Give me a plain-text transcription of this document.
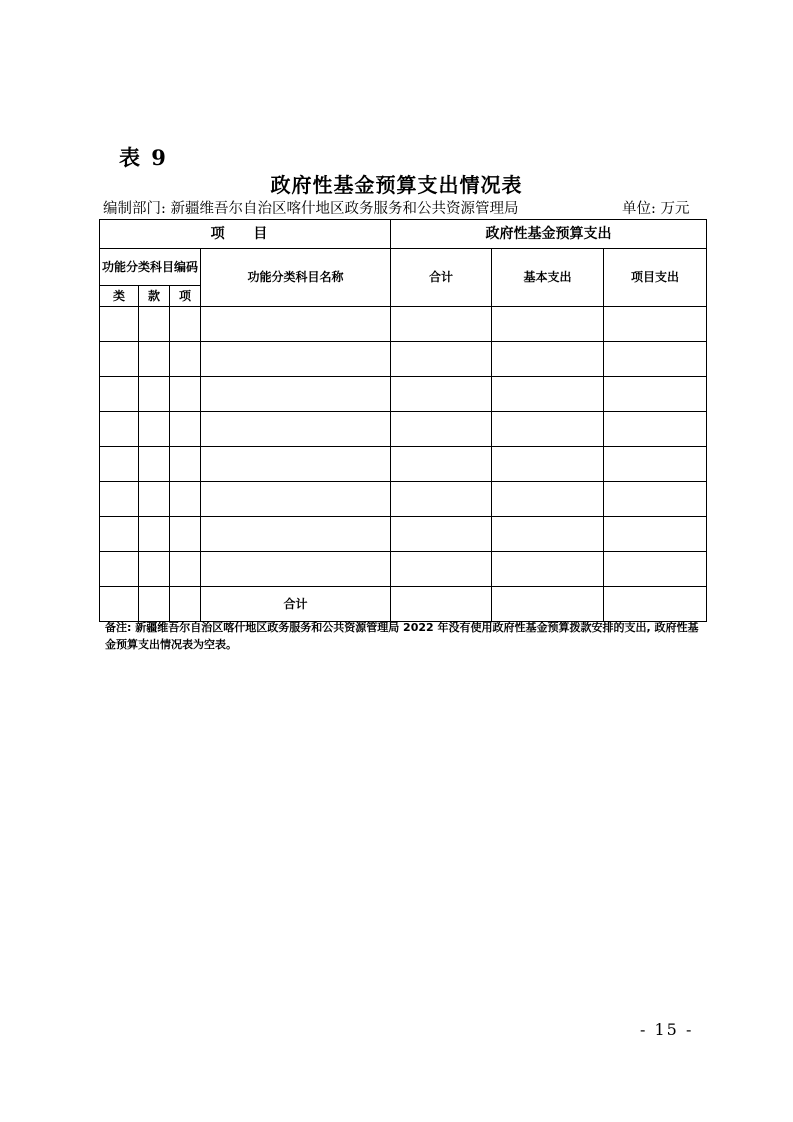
表 9
政府性基金预算支出情况表
编制部门: 新疆维吾尔自治区喀什地区政务服务和公共资源管理局	单位: 万元
项 目				政府性基金预算支出		
功能分类科目编码			功能分类科目名称	合计	基本支出	项目支出
类	款	项				

			合计			
备注: 新疆维吾尔自治区喀什地区政务服务和公共资源管理局 2022 年没有使用政府性基金预算拨款安排的支出, 政府性基金预算支出情况表为空表。
- 15 -
